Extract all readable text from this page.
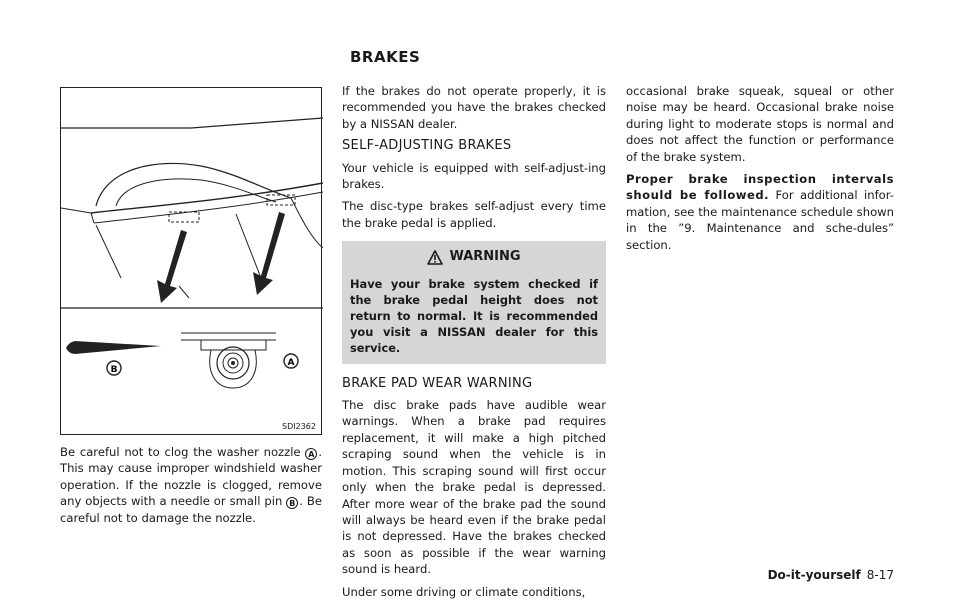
BRAKES
B
A
SDI2362

Be careful not to clog the washer nozzle A . This may cause improper windshield washer operation. If the nozzle is clogged, remove any objects with a needle or small pin B . Be careful not to damage the nozzle.

If the brakes do not operate properly, it is recommended you have the brakes checked by a NISSAN dealer.

SELF-ADJUSTING BRAKES

Your vehicle is equipped with self-adjust-ing brakes.

The disc-type brakes self-adjust every time the brake pedal is applied.

WARNING
Have your brake system checked if the brake pedal height does not return to normal. It is recommended you visit a NISSAN dealer for this service.
BRAKE PAD WEAR WARNING

The disc brake pads have audible wear warnings. When a brake pad requires replacement, it will make a high pitched scraping sound when the vehicle is in motion. This scraping sound will first occur only when the brake pedal is depressed. After more wear of the brake pad the sound will always be heard even if the brake pedal is not depressed. Have the brakes checked as soon as possible if the wear warning sound is heard.

Under some driving or climate conditions,

occasional brake squeak, squeal or other noise may be heard. Occasional brake noise during light to moderate stops is normal and does not affect the function or performance of the brake system.

Proper brake inspection intervals should be followed. For additional infor-mation, see the maintenance schedule shown in the ”9. Maintenance and sche-dules” section.

Do-it-yourself 8-17
